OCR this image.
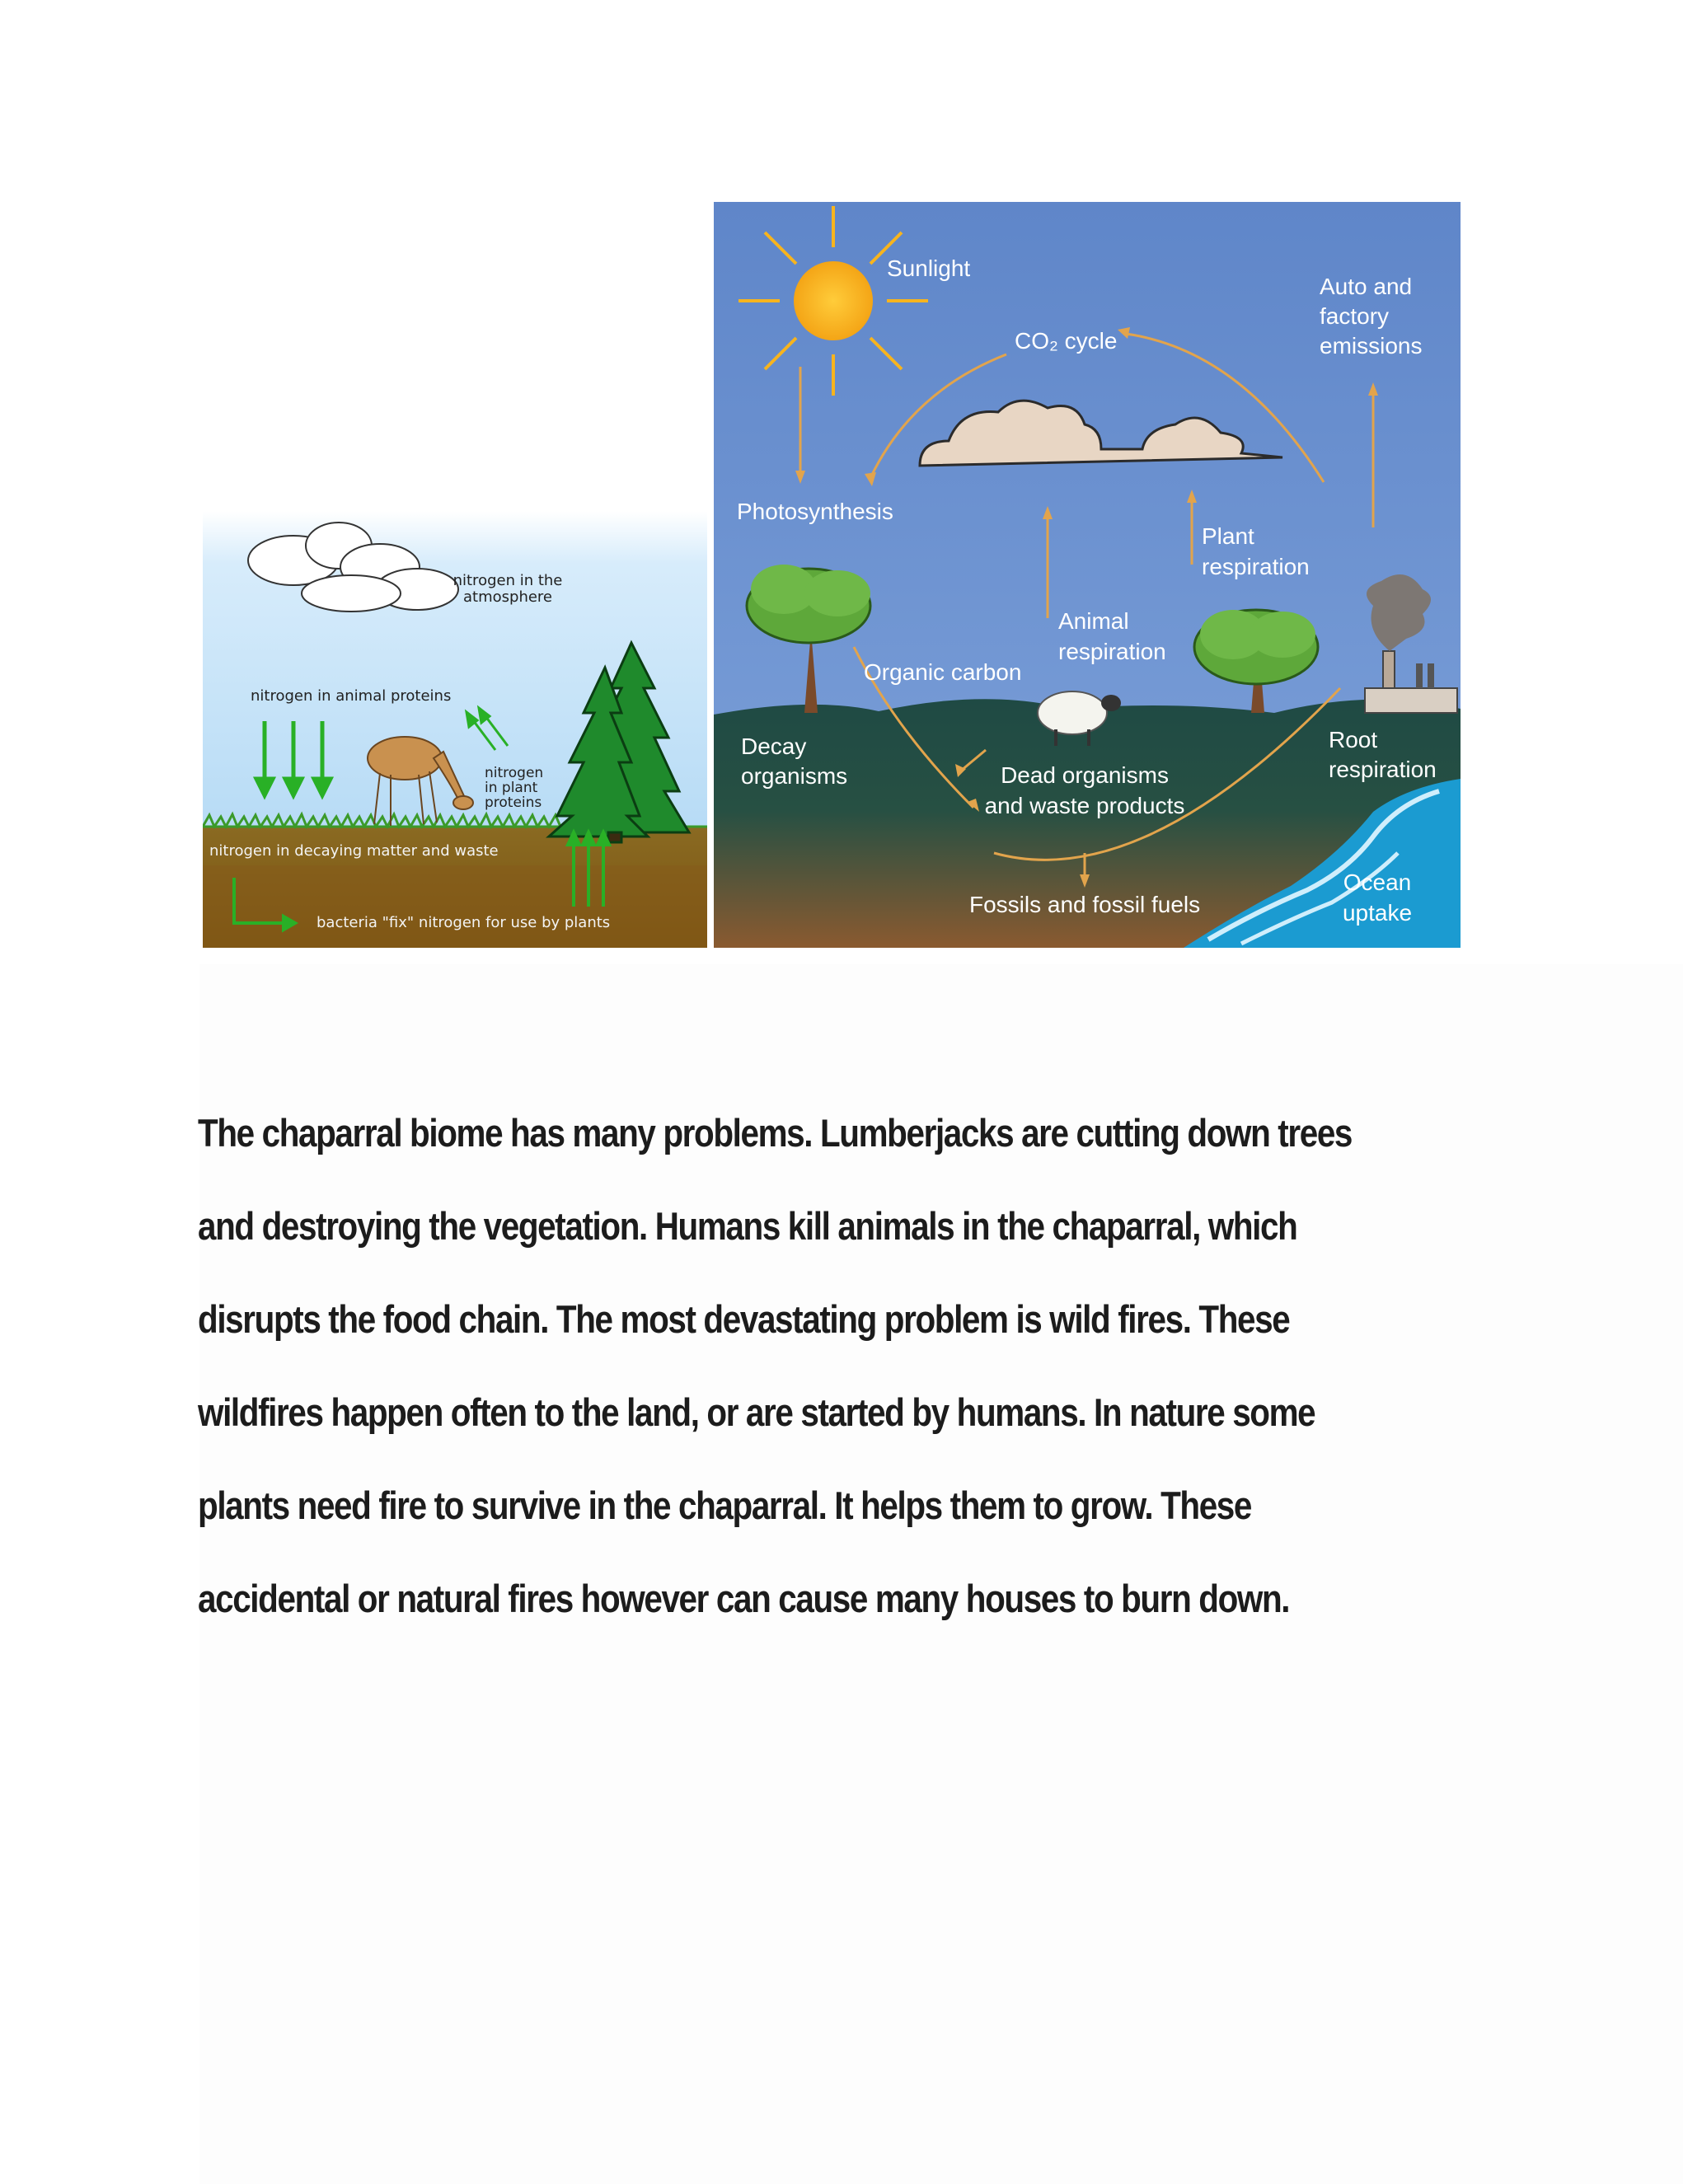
nitrogen in the
atmosphere
nitrogen in animal proteins
nitrogen
in plant
proteins
nitrogen in decaying matter and waste
bacteria "fix" nitrogen for use by plants
Sunlight
CO₂ cycle
Auto and
factory
emissions
Photosynthesis
Plant
respiration
Animal
respiration
Organic carbon
Decay
organisms	Dead organisms
and waste products
Root
respiration
Fossils and fossil fuels
Ocean
uptake

The chaparral biome has many problems. Lumberjacks are cutting down trees
and destroying the vegetation. Humans kill animals in the chaparral, which
disrupts the food chain. The most devastating problem is wild fires. These
wildfires happen often to the land, or are started by humans. In nature some
plants need fire to survive in the chaparral. It helps them to grow. These
accidental or natural fires however can cause many houses to burn down.
